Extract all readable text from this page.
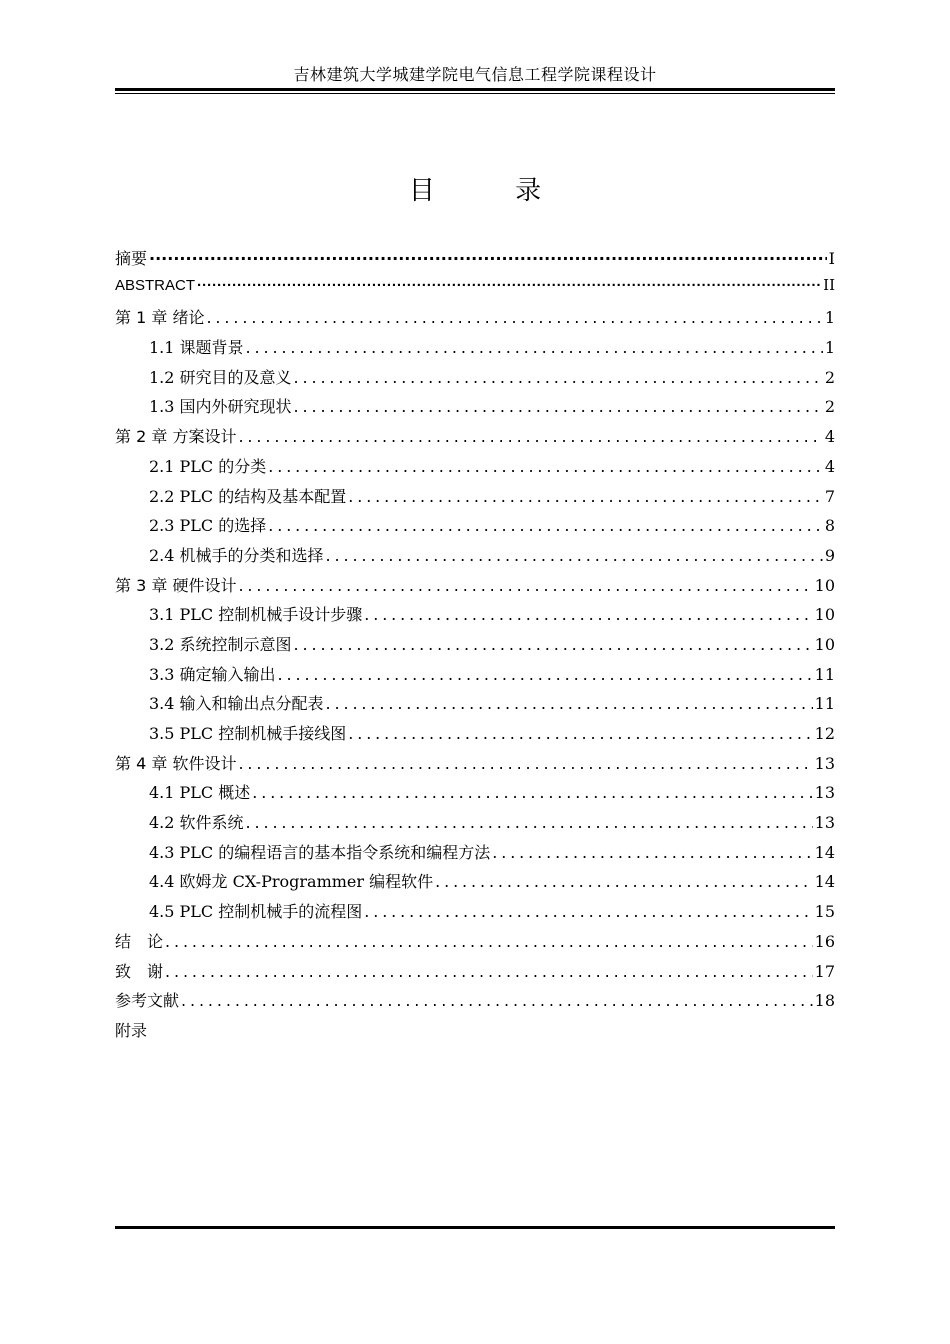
吉林建筑大学城建学院电气信息工程学院课程设计
目 录
摘要 ·····	Ⅰ
ABSTRACT ·····	II
第 1 章 绪论 . . .	1
1.1 课题背景 . . .	1
1.2 研究目的及意义 . . .	2
1.3 国内外研究现状 . . .	2
第 2 章 方案设计 . . .	4
2.1 PLC 的分类 . . .	4
2.2 PLC 的结构及基本配置 . . .	7
2.3 PLC 的选择 . . .	8
2.4 机械手的分类和选择 . . .	9
第 3 章 硬件设计 . . .	10
3.1 PLC 控制机械手设计步骤 . . .	10
3.2 系统控制示意图 . . .	10
3.3 确定输入输出 . . .	11
3.4 输入和输出点分配表 . . .	11
3.5 PLC 控制机械手接线图 . . .	12
第 4 章 软件设计 . . .	13
4.1 PLC 概述 . . .	13
4.2 软件系统 . . .	13
4.3 PLC 的编程语言的基本指令系统和编程方法 . . .	14
4.4 欧姆龙 CX-Programmer 编程软件 . . .	14
4.5 PLC 控制机械手的流程图 . . .	15
结　论 . . .	16
致　谢 . . .	17
参考文献 . . .	18
附录
